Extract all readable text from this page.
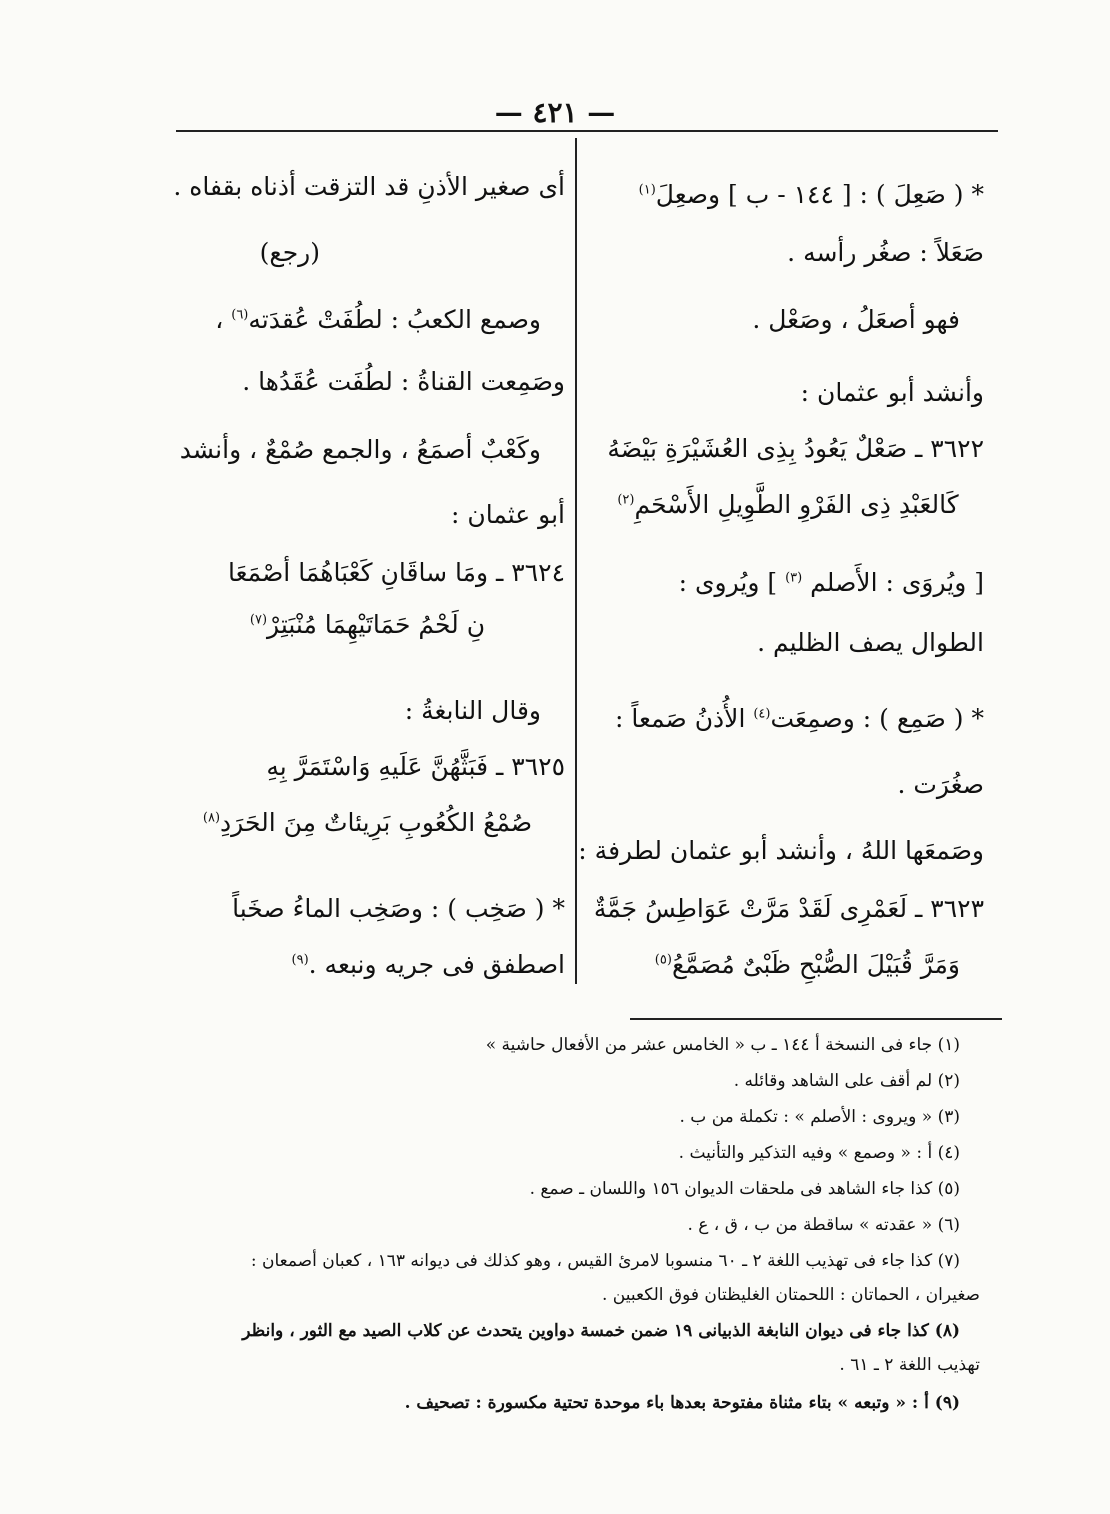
— ٤٢١ —
* ( صَعِلَ ) : [ ١٤٤ - ب ] وصعِلَ$^{(١)}$
صَعَلاً : صغُر رأسه .
فهو أصعَلُ ، وصَعْل .
وأنشد أبو عثمان :
٣٦٢٢ ـ صَعْلٌ يَعُودُ بِذِى العُشَيْرَةِ بَيْضَهُ
كَالعَبْدِ ذِى الفَرْوِ الطَّوِيلِ الأَسْحَمِ$^{(٢)}$
[ ويُروَى : الأَصلم $^{(٣)}$ ] ويُروى :
الطوال يصف الظليم .
* ( صَمِع ) : وصمِعَت$^{(٤)}$ الأُذنُ صَمعاً :
صغُرَت .
وصَمعَها اللهُ ، وأنشد أبو عثمان لطرفة :
٣٦٢٣ ـ لَعَمْرِى لَقَدْ مَرَّتْ عَوَاطِسُ جَمَّةٌ
وَمَرَّ قُبَيْلَ الصُّبْحِ ظَبْىٌ مُصَمَّعُ$^{(٥)}$
أى صغير الأذنِ قد التزقت أذناه بقفاه .
(رجع)
وصمع الكعبُ : لطُفَتْ عُقدَته$^{(٦)}$ ،
وصَمِعت القناةُ : لطُفَت عُقَدُها .
وكَعْبٌ أصمَعُ ، والجمع صُمْعٌ ، وأنشد
أبو عثمان :
٣٦٢٤ ـ ومَا ساقَانِ كَعْبَاهُمَا أصْمَعَا
نِ لَحْمُ حَمَاتَيْهِمَا مُنْبَتِرْ$^{(٧)}$
وقال النابغةُ :
٣٦٢٥ ـ فَبَثَّهُنَّ عَلَيهِ وَاسْتَمَرَّ بِهِ
صُمْعُ الكُعُوبِ بَرِيئاتٌ مِنَ الحَرَدِ$^{(٨)}$
* ( صَخِب ) : وصَخِب الماءُ صخَباً
اصطفق فى جريه ونبعه .$^{(٩)}$
(١) جاء فى النسخة أ ١٤٤ ـ ب « الخامس عشر من الأفعال حاشية »
(٢) لم أقف على الشاهد وقائله .
(٣) « ويروى : الأصلم » : تكملة من ب .
(٤) أ : « وصمع » وفيه التذكير والتأنيث .
(٥) كذا جاء الشاهد فى ملحقات الديوان ١٥٦ واللسان ـ صمع .
(٦) « عقدته » ساقطة من ب ، ق ، ع .
(٧) كذا جاء فى تهذيب اللغة ٢ ـ ٦٠ منسوبا لامرئ القيس ، وهو كذلك فى ديوانه ١٦٣ ، كعبان أصمعان :
صغيران ، الحماتان : اللحمتان الغليظتان فوق الكعبين .
(٨) كذا جاء فى ديوان النابغة الذبيانى ١٩ ضمن خمسة دواوين يتحدث عن كلاب الصيد مع الثور ، وانظر
تهذيب اللغة ٢ ـ ٦١ .
(٩) أ : « وتبعه » بتاء مثناة مفتوحة بعدها باء موحدة تحتية مكسورة : تصحيف .
